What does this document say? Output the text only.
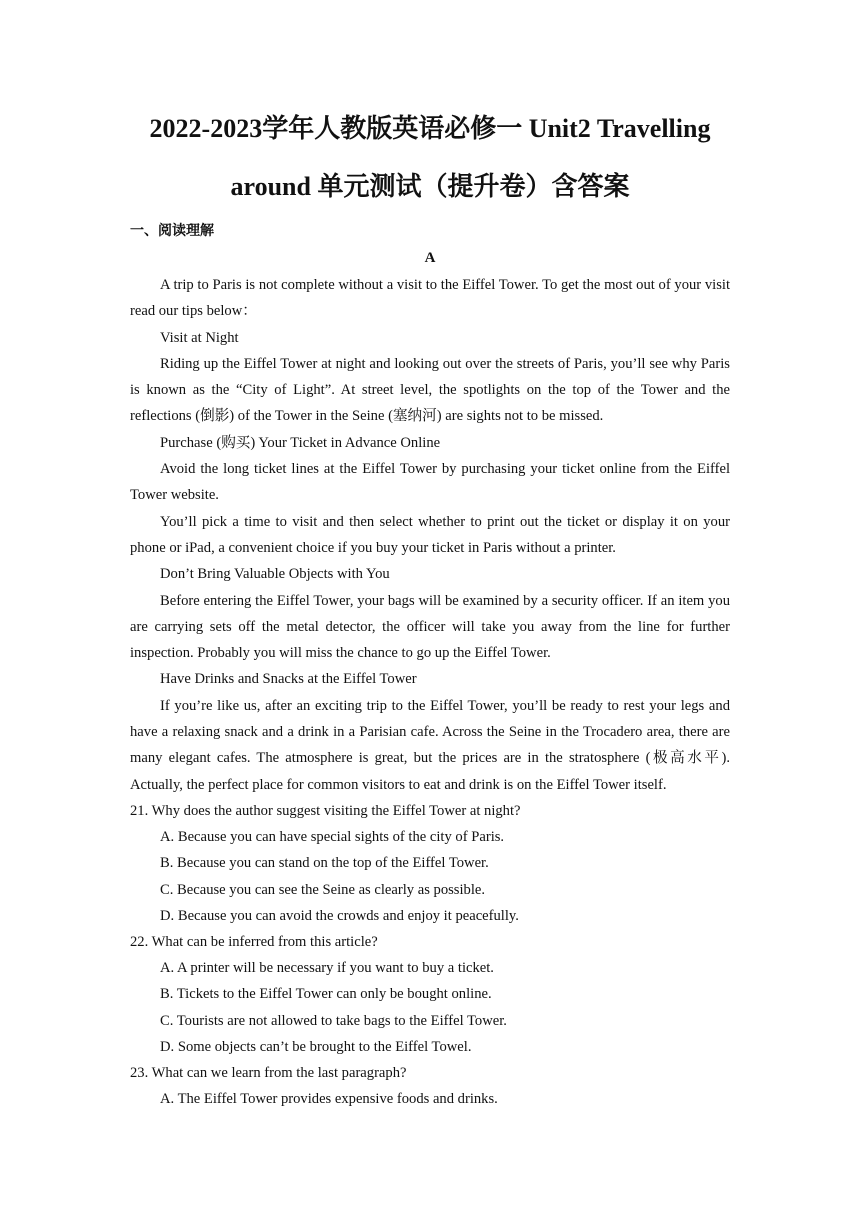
2022-2023学年人教版英语必修一 Unit2 Travelling
around 单元测试（提升卷）含答案
一、阅读理解
A

A trip to Paris is not complete without a visit to the Eiffel Tower. To get the most out of your visit read our tips below：

Visit at Night

Riding up the Eiffel Tower at night and looking out over the streets of Paris, you’ll see why Paris is known as the “City of Light”. At street level, the spotlights on the top of the Tower and the reflections (倒影) of the Tower in the Seine (塞纳河) are sights not to be missed.

Purchase (购买) Your Ticket in Advance Online

Avoid the long ticket lines at the Eiffel Tower by purchasing your ticket online from the Eiffel Tower website.

You’ll pick a time to visit and then select whether to print out the ticket or display it on your phone or iPad, a convenient choice if you buy your ticket in Paris without a printer.

Don’t Bring Valuable Objects with You

Before entering the Eiffel Tower, your bags will be examined by a security officer. If an item you are carrying sets off the metal detector, the officer will take you away from the line for further inspection. Probably you will miss the chance to go up the Eiffel Tower.

Have Drinks and Snacks at the Eiffel Tower

If you’re like us, after an exciting trip to the Eiffel Tower, you’ll be ready to rest your legs and have a relaxing snack and a drink in a Parisian cafe. Across the Seine in the Trocadero area, there are many elegant cafes. The atmosphere is great, but the prices are in the stratosphere (极高水平). Actually, the perfect place for common visitors to eat and drink is on the Eiffel Tower itself.

21. Why does the author suggest visiting the Eiffel Tower at night?

A. Because you can have special sights of the city of Paris.

B. Because you can stand on the top of the Eiffel Tower.

C. Because you can see the Seine as clearly as possible.

D. Because you can avoid the crowds and enjoy it peacefully.

22. What can be inferred from this article?

A. A printer will be necessary if you want to buy a ticket.

B. Tickets to the Eiffel Tower can only be bought online.

C. Tourists are not allowed to take bags to the Eiffel Tower.

D. Some objects can’t be brought to the Eiffel Towel.

23. What can we learn from the last paragraph?

A. The Eiffel Tower provides expensive foods and drinks.
